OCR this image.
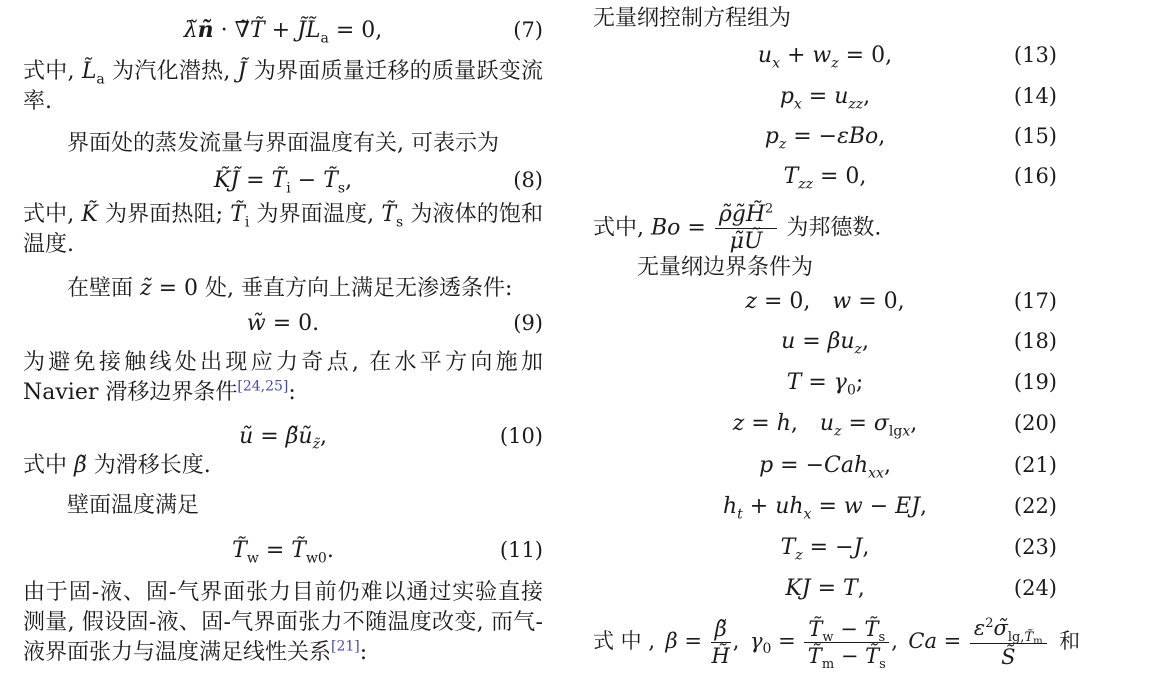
λ̃ñ · ∇̃T̃ + $J̃L̃_a = 0$,	(7)
式中, $L̃_a$ 为汽化潜热, J̃ 为界面质量迁移的质量跃变流率.
界面处的蒸发流量与界面温度有关, 可表示为
K̃J̃ = $T̃_i$ − $T̃_s$,	(8)
式中, K̃ 为界面热阻; $T̃_i$ 为界面温度, $T̃_s$ 为液体的饱和温度.
在壁面 z̃ = 0 处, 垂直方向上满足无渗透条件:
w̃ = 0.	(9)
为避免接触线处出现应力奇点, 在水平方向施加 Navier 滑移边界条件[24,25]:
ũ = $\betãũ_{z̃}$,	(10)
式中 β̃ 为滑移长度.
壁面温度满足
$T̃_w$ = $T̃_{w0}$.	(11)
由于固-液、固-气界面张力目前仍难以通过实验直接测量, 假设固-液、固-气界面张力不随温度改变, 而气-液界面张力与温度满足线性关系[21]:
无量纲控制方程组为
$u_x + w_z = 0$,	(13)
$p_x = u_{zz}$,	(14)
$p_z = -\varepsilon Bo$,	(15)
$T_{zz} = 0$,	(16)
式中, $Bo = \frac{\rhõg̃H̃^2}{\mũŨ}$ 为邦德数.
无量纲边界条件为
z = 0, w = 0,	(17)
$u = \beta u_z$,	(18)
$T = \gamma_0$;	(19)
z = h, $u_z = \sigma_{lgx}$,	(20)
p = −Cah$_{xx}$,	(21)
$h_t + uh_x = w$ − EJ,	(22)
$T_z = -J$,	(23)
KJ = T,	(24)
式 中 , $\beta = \frac{\betã}{H̃}$ , $\gamma_0 = \frac{T̃_w - T̃_s}{T̃_m - T̃_s}$ , $Ca = \frac{\varepsilon^2\sigmã_{lg,T̃_m}}{S̃}$  和
